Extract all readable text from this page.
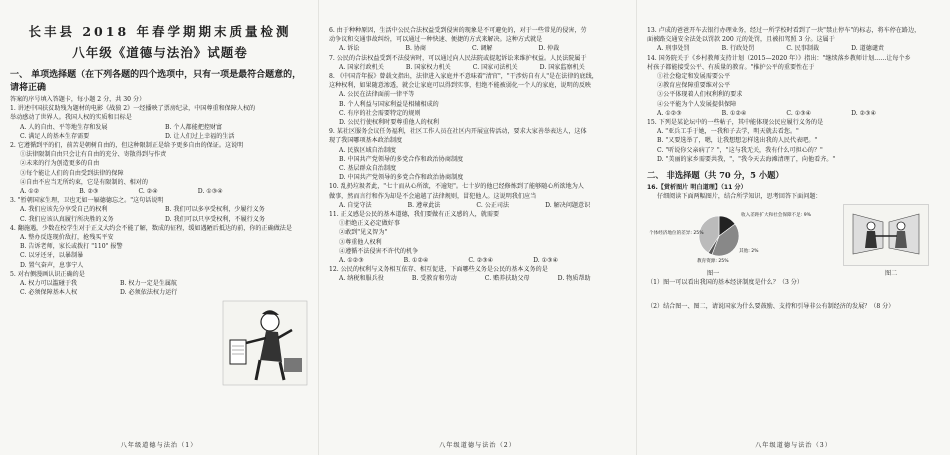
长丰县 2018 年春学期期末质量检测
八年级《道德与法治》试题卷
一、 单项选择题（在下列各题的四个选项中，只有一项是最符合题意的，请将正确
答案的序号填入答题卡，每小题 2 分，共 30 分）
1. 讲述中国扶贫助残为题材的电影《战狼 2》一经播映了票房纪录，中国尊重和保障人权的
举动感动了世界人。我国人权的实质和目标是
A. 人的自由、平等地生存和发展	B. 个人都能把控财富
C. 满足人的基本生存需要	D. 让人们过上幸福的生活
2. 它遵循到平的们，前苦是朝树自由的，但这种限制正是给予更多自由的保证。这说明
①法律限制自由只会让有自由的充分、寄散得到与作责
②未来的行为创造更多的自由
③每个能让人们的自由受到法律的保障
④自由不应当无所约束，它是有限制的、相对的
A. ①②	B. ②③	C. ②④	D. ①③④
3. "暂朝国家生理，卫也无如一辐德德忘之。"这句话说明
A. 我们应该先分享受自己的权利	B. 我们可以多享受权利，少履行义务
C. 我们应该认真履行所决胜的义务	D. 我们可以只享受权利，不履行义务
4. 翻施遇，少数在校学生对于正义大约会不能了解，数成的征程，缓如遇陋后抵达的前，你的正确做法是
A. 整办反连现价敌打，抢残买平安
B. 告诉老师，家长或拨打 "110" 报警
C. 以牙还牙，以暴制暴
D. 置气奋声，息事宁人
5. 对右侧漫画认识正确的是
A. 权力可以滥碰于我	B. 权力一定是生属航
C. 必须保障基本人权	D. 必须依法权力运行
八年级道德与法治（1）
6. 由于种种原因，生活中公民合法权益受到侵害的现象是不可避免的，对于一些常见的侵害，劳
动争议和交通事故纠纷，可以通过一种快速、便捷的方式来解决。这种方式就是
A. 诉讼	B. 协商	C. 调解	D. 仲裁
7. 公民的合法权益受到不法侵害时，可以通过向人民法院或提起诉讼来维护权益。人民法院属于
A. 国家行政机关	B. 国家权力机关	C. 国家司法机关	D. 国家监察机关
8. 《中国青年报》曾载文指出，法律进入家庭并不意味着"清官"，"干涉妨自有人"是在法律的底线，
这种权利，如果随意渗透，就会让家庭可以得到实事，但绝不能被弱化一个人的家庭，说明的反映
A. 公民在法律面前一律平等
B. 个人利益与国家利益是相辅相成的
C. 有序的社会需要特定的规则
D. 公民行使权利时要尊重他人的权利
9. 某社区服务会议任务福利，社区工作人员在社区内开展宣传活动，要求大家善举表达人，这体
现了我国哪项基本政治制度
A. 民族区域自治制度
B. 中国共产党领导的多党合作和政治协商制度
C. 基层群众自治制度
D. 中国共产党领导的多党合作和政治协商制度
10. 乱扔垃圾者此，"七十而从心所欲，不逾矩"。七十岁的他已经修炼到了能够随心所欲地为人
做事，然而言行和作为却是不会逾越了法律规则，冒犯他人。这说明我们应当
A. 自觉守法	B. 遵章此法	C. 公正司法	D. 解决问题意识
11. 正义感是公民的基本道德，我们要做有正义感的人，就需要
①拒绝正义必定做好事
②敢到"见义智为"
③尊重他人权利
④遵循不法侵害不许代的机争
A. ①②③	B. ①②④	C. ②③④	D. ①③④
12. 公民的权利与义务相互依存、相互促进，下面哪些义务是公民的基本义务的是
A. 纳税和服兵役	B. 受教育和劳动	C. 赡养扶助父母	D. 物质帮助
八年级道德与法治（2）
13. 卢成的爸爸开车去银行办理业务，经过一所学校时看到了一块"禁止停车"的标志，将车停在路边，
面被路交通安全法处以罚款 200 元的处罚，且被扣驾照 3 分。这属于
A. 刑事处罚	B. 行政处罚	C. 民事制裁	D. 道德谴责
14. 国务院关于《乡村教师支持计划（2015—2020 年）》指出："继续落乡教师计划……让每个乡
村孩子都能接受公平、有质量的教育。"推护公平的重要性在于
①社会稳定和发展需要公平
②教育应保障重要维对公平
③公平体现着人们权利利的要求
④公平能为个人发展提供保障
A. ①②③	B. ①②④	C. ①③④	D. ②③④
15. 下列是某论坛中的一些帖子，其中能体现公民应履行义务的是
A. "亚兵工手于她，一我和子去学，明天就去看您。"
B. "又要选举了，嗯，让我想想怎样选出我的人民代表吧。"
C. "听说你父亲病了？"，"这与我无关，我有什么可担心的？"
D. "美丽的家乡需要共我，"，"我今天去海滩清理了，向他看齐。"
二、 非选择题（共 70 分，5 小题）
16.【赏析图片 明白道理】（11 分）
仔细阅读下面两幅图片，结合所学知识，思考回答下面问题：
收入差距扩大和社会保障不足: 9%
个体经济地位的差异: 25%
其他: 2%
教育资源: 25%
图一	图二
（1）图一可以看出我国的基本经济制度是什么？（3 分）
（2）结合图一、图二，请说国家为什么要鼓励、支持和引导非公有制经济的发展？（8 分）
八年级道德与法治（3）
